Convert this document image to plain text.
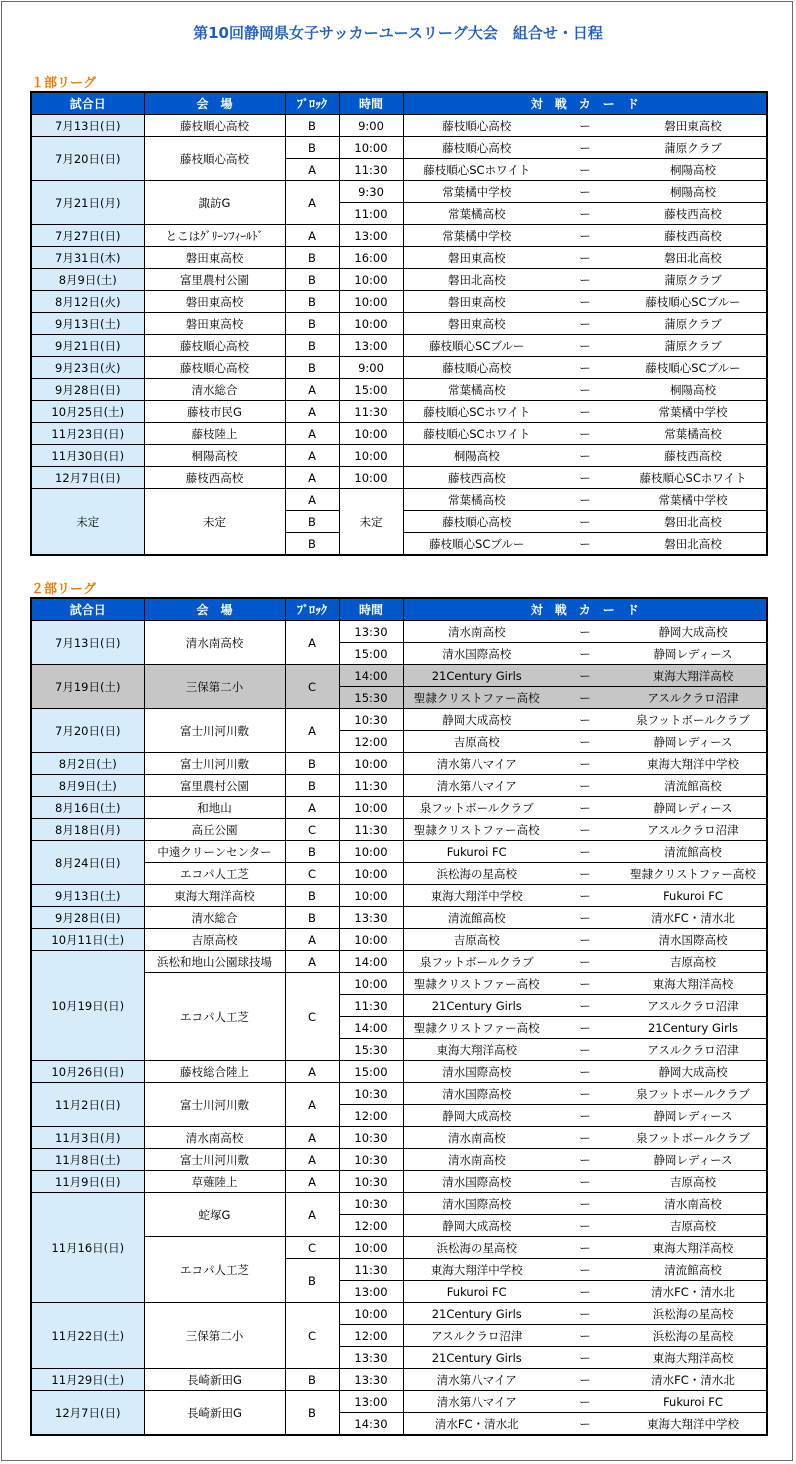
第10回静岡県女子サッカーユースリーグ大会　組合せ・日程
１部リーグ
試合日	会　場	ﾌﾞﾛｯｸ	時間	対　戦　カ　ー　ド		
7月13日(日)	藤枝順心高校	B	9:00	藤枝順心高校	ー	磐田東高校
7月20日(日)	藤枝順心高校	B	10:00	藤枝順心高校	ー	蒲原クラブ
		A	11:30	藤枝順心SCホワイト	ー	桐陽高校
7月21日(月)	諏訪G	A	9:30	常葉橘中学校	ー	桐陽高校
			11:00	常葉橘高校	ー	藤枝西高校
7月27日(日)	とこはｸﾞﾘｰﾝﾌｨｰﾙﾄﾞ	A	13:00	常葉橘中学校	ー	藤枝西高校
7月31日(木)	磐田東高校	B	16:00	磐田東高校	ー	磐田北高校
8月9日(土)	富里農村公園	B	10:00	磐田北高校	ー	蒲原クラブ
8月12日(火)	磐田東高校	B	10:00	磐田東高校	ー	藤枝順心SCブルー
9月13日(土)	磐田東高校	B	10:00	磐田東高校	ー	蒲原クラブ
9月21日(日)	藤枝順心高校	B	13:00	藤枝順心SCブルー	ー	蒲原クラブ
9月23日(火)	藤枝順心高校	B	9:00	藤枝順心高校	ー	藤枝順心SCブルー
9月28日(日)	清水総合	A	15:00	常葉橘高校	ー	桐陽高校
10月25日(土)	藤枝市民G	A	11:30	藤枝順心SCホワイト	ー	常葉橘中学校
11月23日(日)	藤枝陸上	A	10:00	藤枝順心SCホワイト	ー	常葉橘高校
11月30日(日)	桐陽高校	A	10:00	桐陽高校	ー	藤枝西高校
12月7日(日)	藤枝西高校	A	10:00	藤枝西高校	ー	藤枝順心SCホワイト
未定	未定	A	未定	常葉橘高校	ー	常葉橘中学校
		B		藤枝順心高校	ー	磐田北高校
		B		藤枝順心SCブルー	ー	磐田北高校
２部リーグ
試合日	会　場	ﾌﾞﾛｯｸ	時間	対　戦　カ　ー　ド		
7月13日(日)	清水南高校	A	13:30	清水南高校	ー	静岡大成高校
			15:00	清水国際高校	ー	静岡レディース
7月19日(土)	三保第二小	C	14:00	21Century Girls	ー	東海大翔洋高校
			15:30	聖隷クリストファー高校	ー	アスルクラロ沼津
7月20日(日)	富士川河川敷	A	10:30	静岡大成高校	ー	泉フットボールクラブ
			12:00	吉原高校	ー	静岡レディース
8月2日(土)	富士川河川敷	B	10:00	清水第八マイア	ー	東海大翔洋中学校
8月9日(土)	富里農村公園	B	11:30	清水第八マイア	ー	清流館高校
8月16日(土)	和地山	A	10:00	泉フットボールクラブ	ー	静岡レディース
8月18日(月)	高丘公園	C	11:30	聖隷クリストファー高校	ー	アスルクラロ沼津
8月24日(日)	中遠クリーンセンター	B	10:00	Fukuroi FC	ー	清流館高校
	エコパ人工芝	C	10:00	浜松海の星高校	ー	聖隷クリストファー高校
9月13日(土)	東海大翔洋高校	B	10:00	東海大翔洋中学校	ー	Fukuroi FC
9月28日(日)	清水総合	B	13:30	清流館高校	ー	清水FC・清水北
10月11日(土)	吉原高校	A	10:00	吉原高校	ー	清水国際高校
10月19日(日)	浜松和地山公園球技場	A	14:00	泉フットボールクラブ	ー	吉原高校
	エコパ人工芝	C	10:00	聖隷クリストファー高校	ー	東海大翔洋高校
			11:30	21Century Girls	ー	アスルクラロ沼津
			14:00	聖隷クリストファー高校	ー	21Century Girls
			15:30	東海大翔洋高校	ー	アスルクラロ沼津
10月26日(日)	藤枝総合陸上	A	15:00	清水国際高校	ー	静岡大成高校
11月2日(日)	富士川河川敷	A	10:30	清水国際高校	ー	泉フットボールクラブ
			12:00	静岡大成高校	ー	静岡レディース
11月3日(月)	清水南高校	A	10:30	清水南高校	ー	泉フットボールクラブ
11月8日(土)	富士川河川敷	A	10:30	清水南高校	ー	静岡レディース
11月9日(日)	草薙陸上	A	10:30	清水国際高校	ー	吉原高校
11月16日(日)	蛇塚G	A	10:30	清水国際高校	ー	清水南高校
			12:00	静岡大成高校	ー	吉原高校
	エコパ人工芝	C	10:00	浜松海の星高校	ー	東海大翔洋高校
		B	11:30	東海大翔洋中学校	ー	清流館高校
			13:00	Fukuroi FC	ー	清水FC・清水北
11月22日(土)	三保第二小	C	10:00	21Century Girls	ー	浜松海の星高校
			12:00	アスルクラロ沼津	ー	浜松海の星高校
			13:30	21Century Girls	ー	東海大翔洋高校
11月29日(土)	長崎新田G	B	13:30	清水第八マイア	ー	清水FC・清水北
12月7日(日)	長崎新田G	B	13:00	清水第八マイア	ー	Fukuroi FC
			14:30	清水FC・清水北	ー	東海大翔洋中学校
